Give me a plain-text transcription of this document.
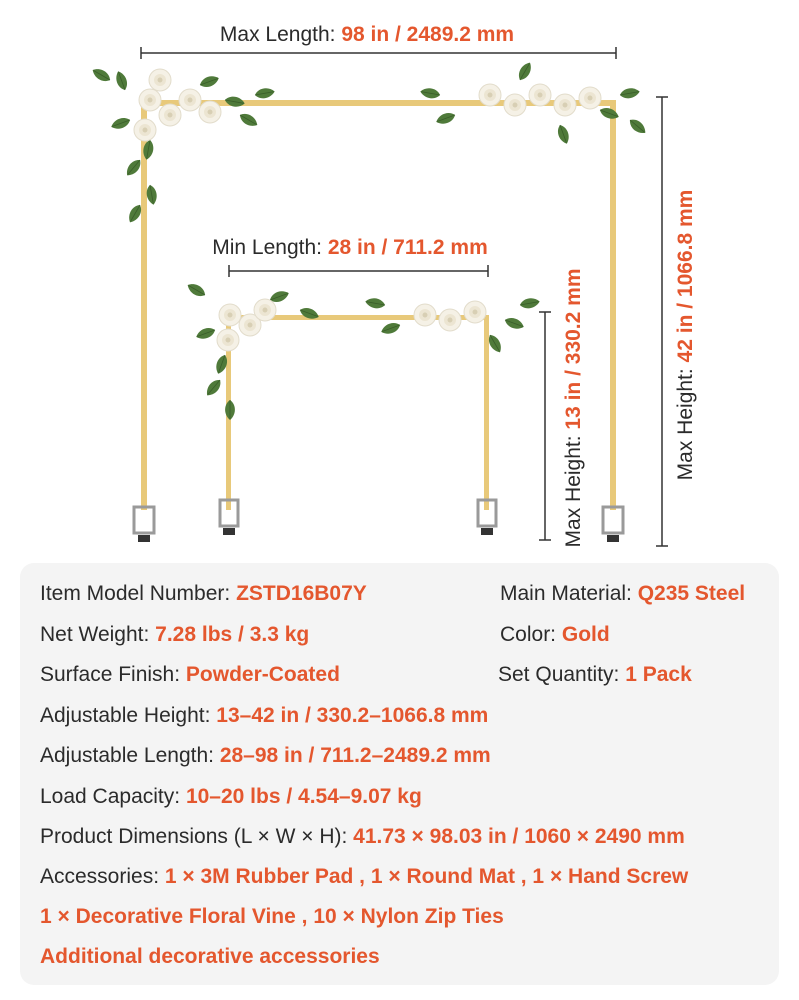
Max Length: 98 in / 2489.2 mm
Min Length: 28 in / 711.2 mm
Max Height: 13 in / 330.2 mm	Max Height: 42 in / 1066.8 mm
Item Model Number: ZSTD16B07Y	Main Material: Q235 Steel
Net Weight: 7.28 lbs / 3.3 kg	Color: Gold
Surface Finish: Powder-Coated	Set Quantity: 1 Pack
Adjustable Height: 13–42 in / 330.2–1066.8 mm
Adjustable Length: 28–98 in / 711.2–2489.2 mm
Load Capacity: 10–20 lbs / 4.54–9.07 kg
Product Dimensions (L × W × H): 41.73 × 98.03 in / 1060 × 2490 mm
Accessories: 1 × 3M Rubber Pad , 1 × Round Mat , 1 × Hand Screw
1 × Decorative Floral Vine , 10 × Nylon Zip Ties
Additional decorative accessories
